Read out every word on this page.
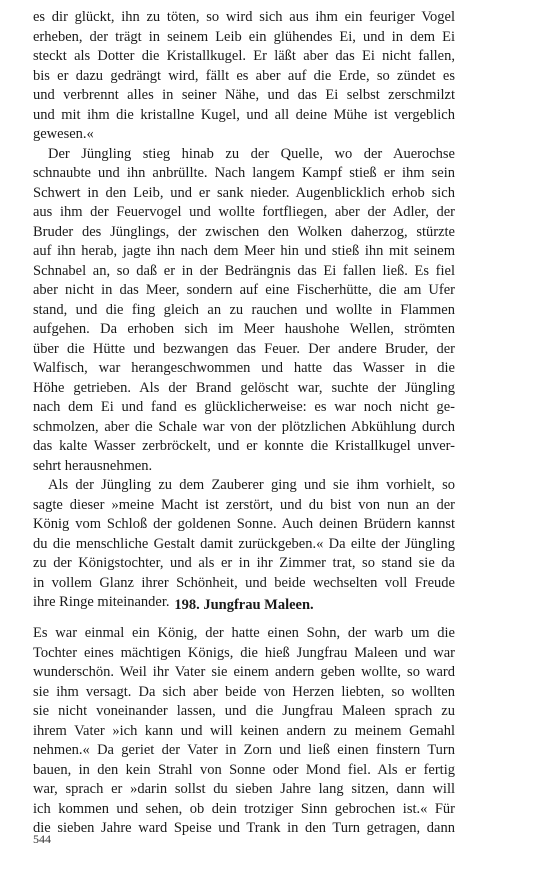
es dir glückt, ihn zu töten, so wird sich aus ihm ein feuriger Vogel
erheben, der trägt in seinem Leib ein glühendes Ei, und in dem Ei
steckt als Dotter die Kristallkugel. Er läßt aber das Ei nicht fallen,
bis er dazu gedrängt wird, fällt es aber auf die Erde, so zündet es
und verbrennt alles in seiner Nähe, und das Ei selbst zerschmilzt
und mit ihm die kristallne Kugel, und all deine Mühe ist vergeblich
gewesen.«
Der Jüngling stieg hinab zu der Quelle, wo der Auerochse
schnaubte und ihn anbrüllte. Nach langem Kampf stieß er ihm sein
Schwert in den Leib, und er sank nieder. Augenblicklich erhob sich
aus ihm der Feuervogel und wollte fortfliegen, aber der Adler, der
Bruder des Jünglings, der zwischen den Wolken daherzog, stürzte
auf ihn herab, jagte ihn nach dem Meer hin und stieß ihn mit seinem
Schnabel an, so daß er in der Bedrängnis das Ei fallen ließ. Es fiel
aber nicht in das Meer, sondern auf eine Fischerhütte, die am Ufer
stand, und die fing gleich an zu rauchen und wollte in Flammen
aufgehen. Da erhoben sich im Meer haushohe Wellen, strömten
über die Hütte und bezwangen das Feuer. Der andere Bruder, der
Walfisch, war herangeschwommen und hatte das Wasser in die
Höhe getrieben. Als der Brand gelöscht war, suchte der Jüngling
nach dem Ei und fand es glücklicherweise: es war noch nicht ge-
schmolzen, aber die Schale war von der plötzlichen Abkühlung durch
das kalte Wasser zerbröckelt, und er konnte die Kristallkugel unver-
sehrt herausnehmen.
Als der Jüngling zu dem Zauberer ging und sie ihm vorhielt, so
sagte dieser »meine Macht ist zerstört, und du bist von nun an der
König vom Schloß der goldenen Sonne. Auch deinen Brüdern kannst
du die menschliche Gestalt damit zurückgeben.« Da eilte der Jüngling
zu der Königstochter, und als er in ihr Zimmer trat, so stand sie da
in vollem Glanz ihrer Schönheit, und beide wechselten voll Freude
ihre Ringe miteinander. 198. Jungfrau Maleen.
Es war einmal ein König, der hatte einen Sohn, der warb um die
Tochter eines mächtigen Königs, die hieß Jungfrau Maleen und war
wunderschön. Weil ihr Vater sie einem andern geben wollte, so ward
sie ihm versagt. Da sich aber beide von Herzen liebten, so wollten
sie nicht voneinander lassen, und die Jungfrau Maleen sprach zu
ihrem Vater »ich kann und will keinen andern zu meinem Gemahl
nehmen.« Da geriet der Vater in Zorn und ließ einen finstern Turn
bauen, in den kein Strahl von Sonne oder Mond fiel. Als er fertig
war, sprach er »darin sollst du sieben Jahre lang sitzen, dann will
ich kommen und sehen, ob dein trotziger Sinn gebrochen ist.« Für
die sieben Jahre ward Speise und Trank in den Turn getragen, dann
544
